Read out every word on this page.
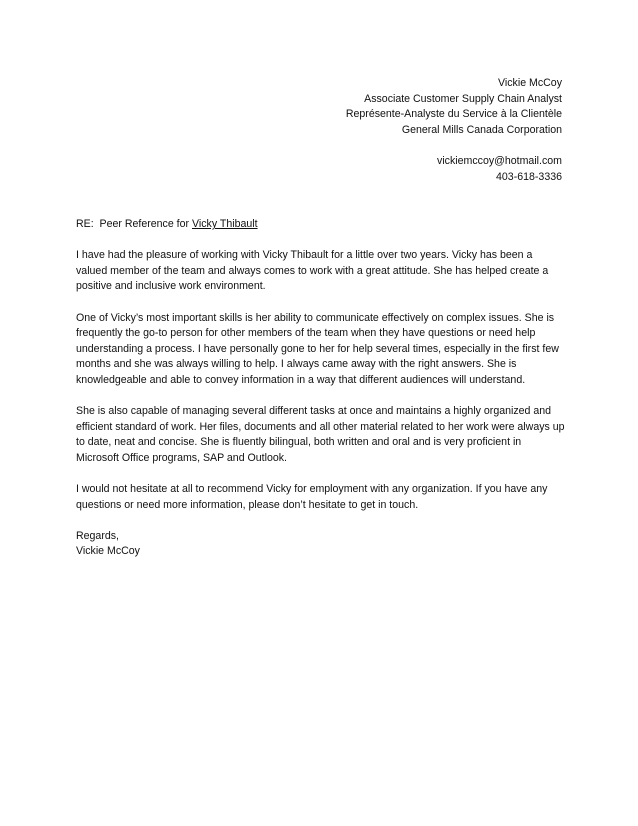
Vickie McCoy
Associate Customer Supply Chain Analyst
Représente-Analyste du Service à la Clientèle
General Mills Canada Corporation
vickiemccoy@hotmail.com
403-618-3336
RE:  Peer Reference for Vicky Thibault

I have had the pleasure of working with Vicky Thibault for a little over two years. Vicky has been a valued member of the team and always comes to work with a great attitude. She has helped create a positive and inclusive work environment.

One of Vicky’s most important skills is her ability to communicate effectively on complex issues. She is frequently the go-to person for other members of the team when they have questions or need help understanding a process. I have personally gone to her for help several times, especially in the first few months and she was always willing to help. I always came away with the right answers. She is knowledgeable and able to convey information in a way that different audiences will understand.

She is also capable of managing several different tasks at once and maintains a highly organized and efficient standard of work. Her files, documents and all other material related to her work were always up to date, neat and concise. She is fluently bilingual, both written and oral and is very proficient in Microsoft Office programs, SAP and Outlook.

I would not hesitate at all to recommend Vicky for employment with any organization. If you have any questions or need more information, please don’t hesitate to get in touch.

Regards,
Vickie McCoy
